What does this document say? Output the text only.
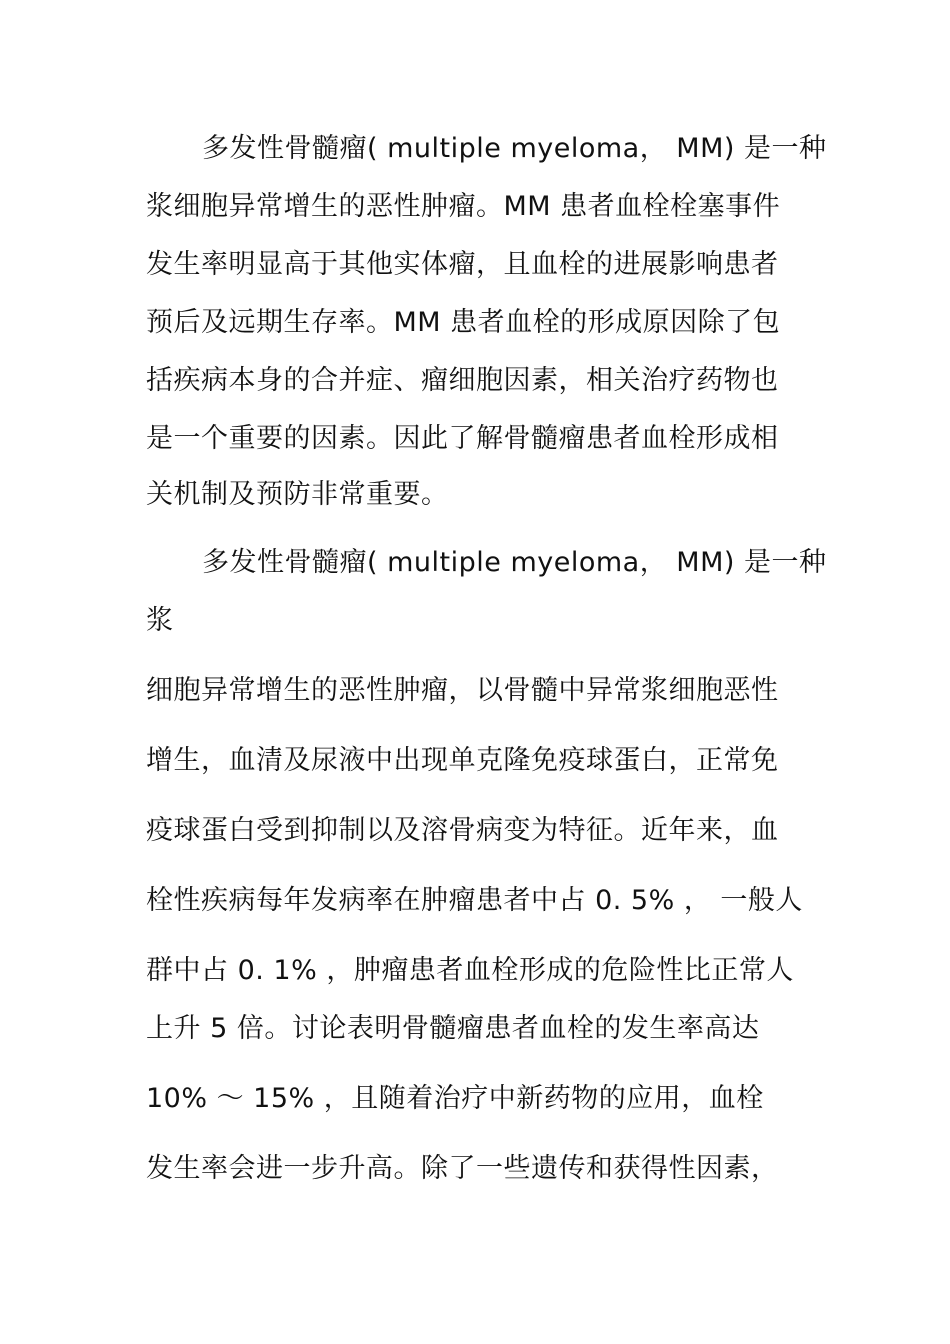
多发性骨髓瘤( multiple myeloma， MM) 是一种
浆细胞异常增生的恶性肿瘤。MM 患者血栓栓塞事件
发生率明显高于其他实体瘤，且血栓的进展影响患者
预后及远期生存率。MM 患者血栓的形成原因除了包
括疾病本身的合并症、瘤细胞因素，相关治疗药物也
是一个重要的因素。因此了解骨髓瘤患者血栓形成相
关机制及预防非常重要。
多发性骨髓瘤( multiple myeloma， MM) 是一种
浆
细胞异常增生的恶性肿瘤，以骨髓中异常浆细胞恶性
增生，血清及尿液中出现单克隆免疫球蛋白，正常免
疫球蛋白受到抑制以及溶骨病变为特征。近年来，血
栓性疾病每年发病率在肿瘤患者中占 0. 5% ， 一般人
群中占 0. 1% ，肿瘤患者血栓形成的危险性比正常人
上升 5 倍。讨论表明骨髓瘤患者血栓的发生率高达
10% ～ 15% ，且随着治疗中新药物的应用，血栓
发生率会进一步升高。除了一些遗传和获得性因素，
